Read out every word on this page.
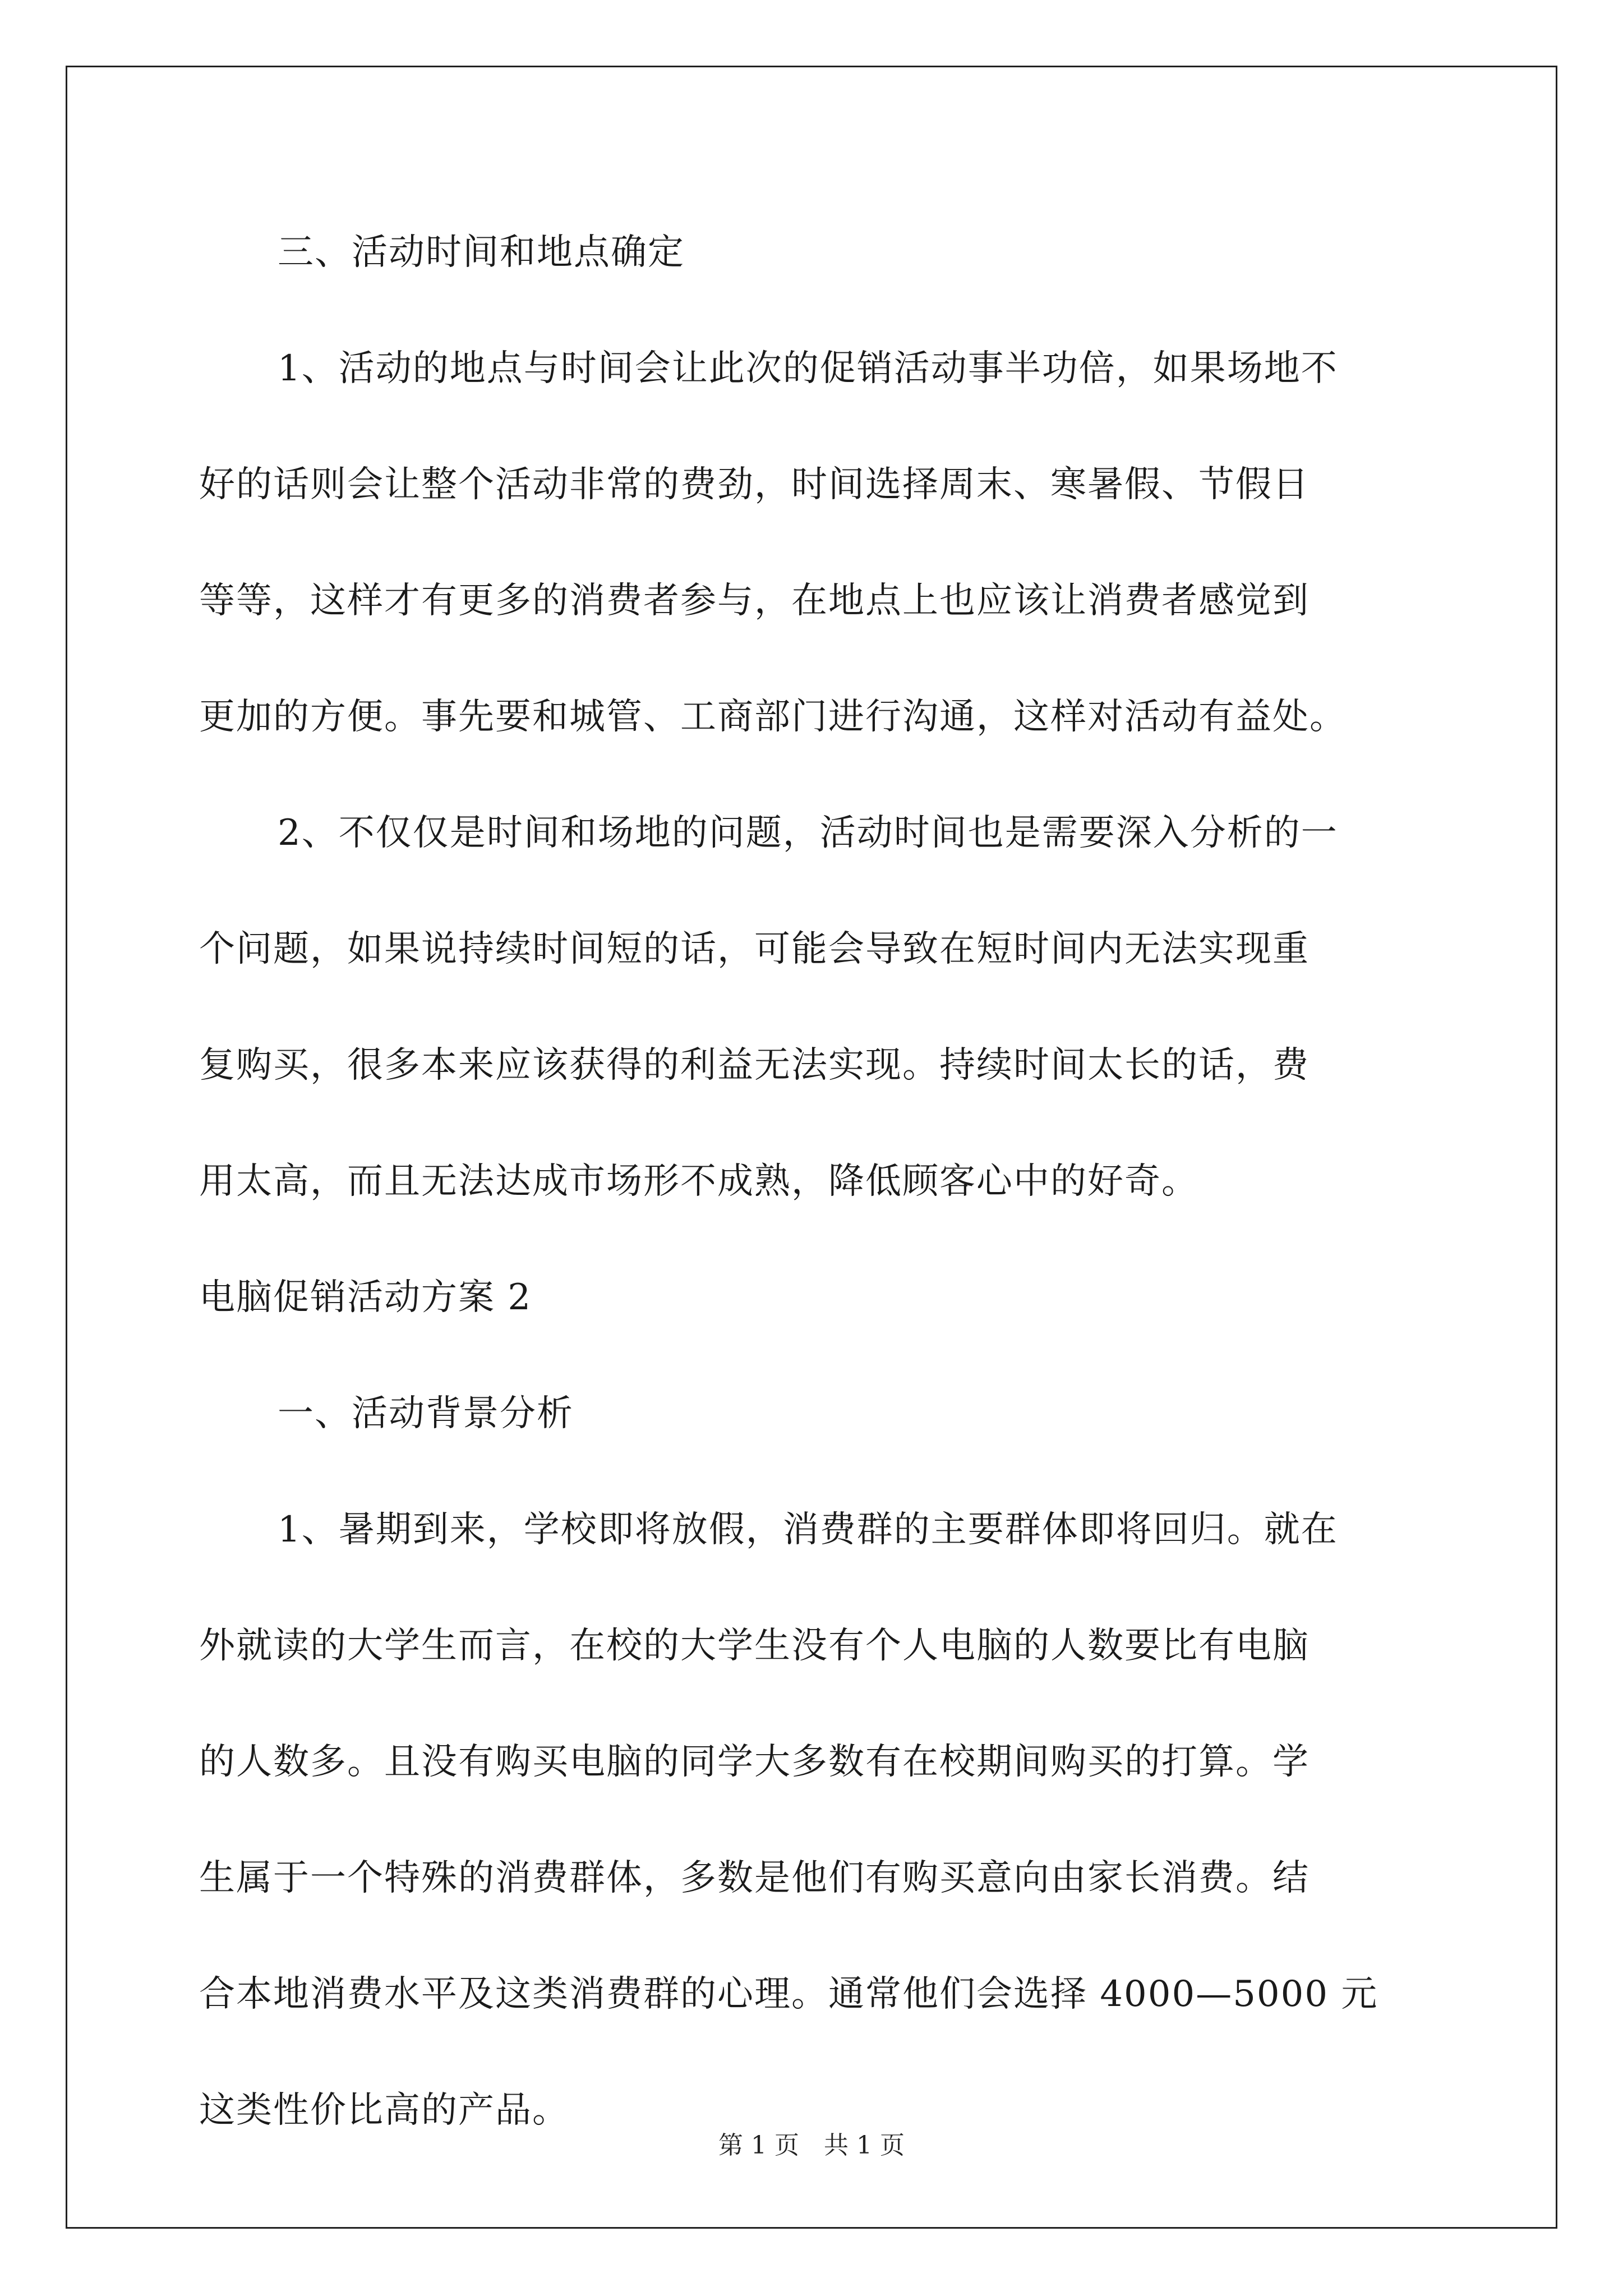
三、活动时间和地点确定
1、活动的地点与时间会让此次的促销活动事半功倍，如果场地不
好的话则会让整个活动非常的费劲，时间选择周末、寒暑假、节假日
等等，这样才有更多的消费者参与，在地点上也应该让消费者感觉到
更加的方便。事先要和城管、工商部门进行沟通，这样对活动有益处。
2、不仅仅是时间和场地的问题，活动时间也是需要深入分析的一
个问题，如果说持续时间短的话，可能会导致在短时间内无法实现重
复购买，很多本来应该获得的利益无法实现。持续时间太长的话，费
用太高，而且无法达成市场形不成熟，降低顾客心中的好奇。
电脑促销活动方案 2
一、活动背景分析
1、暑期到来，学校即将放假，消费群的主要群体即将回归。就在
外就读的大学生而言，在校的大学生没有个人电脑的人数要比有电脑
的人数多。且没有购买电脑的同学大多数有在校期间购买的打算。学
生属于一个特殊的消费群体，多数是他们有购买意向由家长消费。结
合本地消费水平及这类消费群的心理。通常他们会选择 4000—5000 元
这类性价比高的产品。
第 1 页　共 1 页
